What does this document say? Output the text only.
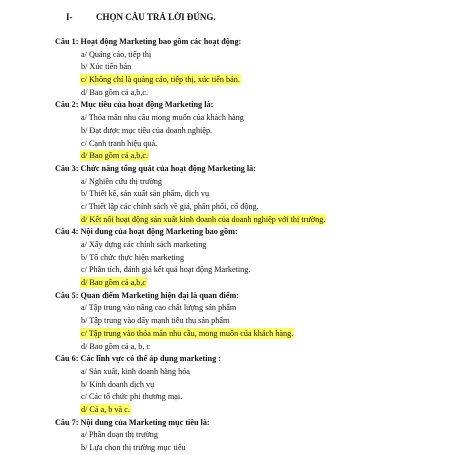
I-	CHỌN CÂU TRẢ LỜI ĐÚNG.
Câu 1: Hoạt động Marketing bao gồm các hoạt động:
a/ Quảng cáo, tiếp thị
b/ Xúc tiến bán
c/ Không chỉ là quảng cáo, tiếp thị, xúc tiến bán.
d/ Bao gồm cả a,b,c.
Câu 2: Mục tiêu của hoạt động Marketing là:
a/ Thỏa mãn nhu cầu mong muốn của khách hàng
b/ Đạt được mục tiêu của doanh nghiệp.
c/ Cạnh tranh hiệu quả.
d/ Bao gồm cả a,b,c.
Câu 3: Chức năng tổng quát của hoạt động Marketing là:
a/ Nghiên cứu thị trường
b/ Thiết kế, sản xuất sản phẩm, dịch vụ
c/ Thiết lập các chính sách về giá, phân phối, cổ động.
d/ Kết nối hoạt động sản xuất kinh doanh của doanh nghiệp với thị trường.
Câu 4: Nội dung của hoạt động Marketing bao gồm:
a/ Xây dựng các chính sách marketing
b/ Tổ chức thực hiện marketing
c/ Phân tích, đánh giá kết quả hoạt động Marketing.
d/ Bao gồm cả a,b,c
Câu 5: Quan điểm Marketing hiện đại là quan điểm:
a/ Tập trung vào nâng cao chất lượng sản phẩm
b/ Tập trung vào đẩy mạnh tiêu thụ sản phẩm
c/ Tập trung vào thỏa mãn nhu cầu, mong muốn của khách hàng.
d/ Bao gồm cả a, b, c
Câu 6: Các lĩnh vực có thể áp dụng marketing :
a/ Sản xuất, kinh doanh hàng hóa
b/ Kinh doanh dịch vụ
c/ Các tổ chức phi thương mại.
d/ Cả a, b và c.
Câu 7: Nội dung của Marketing mục tiêu là:
a/ Phân đoạn thị trường
b/ Lựa chọn thị trường mục tiêu
